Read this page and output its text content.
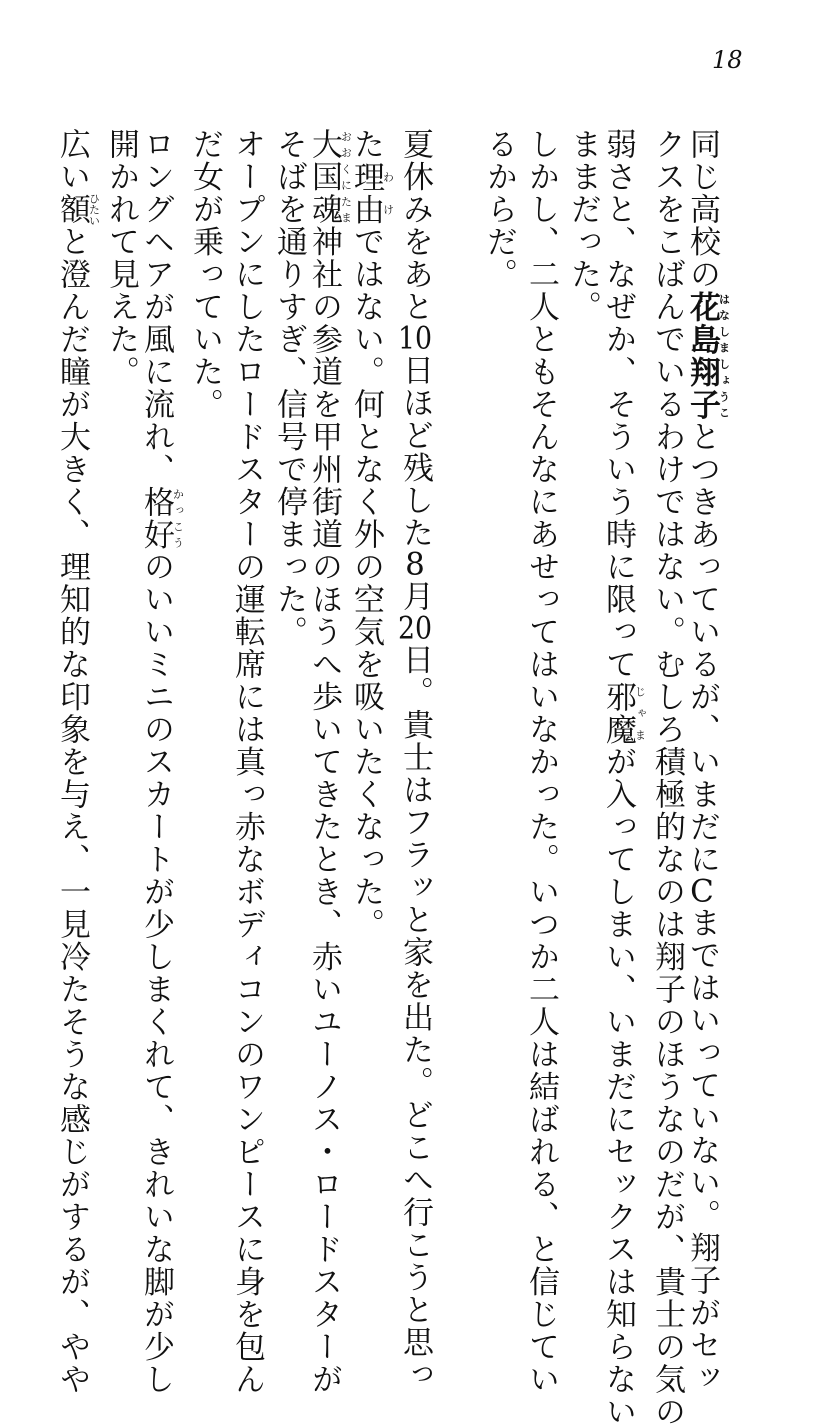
18
同じ高校の花島翔子はなしましょうことつきあっているが、いまだにCまではいっていない。翔子がセッ
クスをこばんでいるわけではない。むしろ積極的なのは翔子のほうなのだが、貴士の気の
弱さと、なぜか、そういう時に限って邪魔じゃまが入ってしまい、いまだにセックスは知らない
ままだった。
しかし、二人ともそんなにあせってはいなかった。いつか二人は結ばれる、と信じてい
るからだ。
夏休みをあと10日ほど残した8月20日。貴士はフラッと家を出た。どこへ行こうと思っ
た理由わけではない。何となく外の空気を吸いたくなった。
大国魂おおくにたま神社の参道を甲州街道のほうへ歩いてきたとき、赤いユーノス・ロードスターが
そばを通りすぎ、信号で停まった。
オープンにしたロードスターの運転席には真っ赤なボディコンのワンピースに身を包ん
だ女が乗っていた。
ロングヘアが風に流れ、格好かっこうのいいミニのスカートが少しまくれて、きれいな脚が少し
開かれて見えた。
広い額ひたいと澄んだ瞳が大きく、理知的な印象を与え、一見冷たそうな感じがするが、やや
